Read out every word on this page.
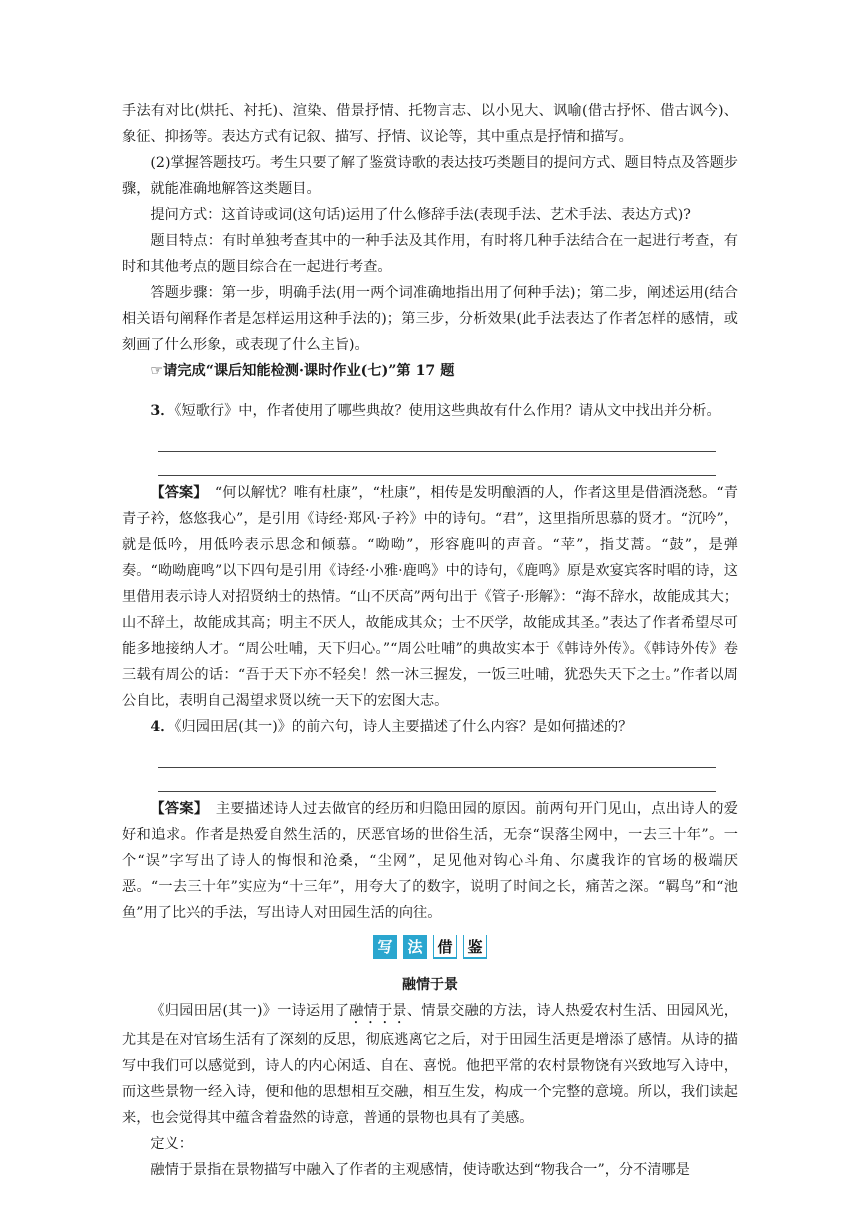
手法有对比(烘托、衬托)、渲染、借景抒情、托物言志、以小见大、讽喻(借古抒怀、借古讽今)、象征、抑扬等。表达方式有记叙、描写、抒情、议论等，其中重点是抒情和描写。

(2)掌握答题技巧。考生只要了解了鉴赏诗歌的表达技巧类题目的提问方式、题目特点及答题步骤，就能准确地解答这类题目。

提问方式：这首诗或词(这句话)运用了什么修辞手法(表现手法、艺术手法、表达方式)?

题目特点：有时单独考查其中的一种手法及其作用，有时将几种手法结合在一起进行考查，有时和其他考点的题目综合在一起进行考查。

答题步骤：第一步，明确手法(用一两个词准确地指出用了何种手法)；第二步，阐述运用(结合相关语句阐释作者是怎样运用这种手法的)；第三步，分析效果(此手法表达了作者怎样的感情，或刻画了什么形象，或表现了什么主旨)。

☞请完成“课后知能检测·课时作业(七)”第 17 题

3．《短歌行》中，作者使用了哪些典故？使用这些典故有什么作用？请从文中找出并分析。

【答案】　 “何以解忧？唯有杜康”，“杜康”，相传是发明酿酒的人，作者这里是借酒浇愁。“青青子衿，悠悠我心”，是引用《诗经·郑风·子衿》中的诗句。“君”，这里指所思慕的贤才。“沉吟”，就是低吟，用低吟表示思念和倾慕。“呦呦”，形容鹿叫的声音。“苹”，指艾蒿。“鼓”，是弹奏。“呦呦鹿鸣”以下四句是引用《诗经·小雅·鹿鸣》中的诗句，《鹿鸣》原是欢宴宾客时唱的诗，这里借用表示诗人对招贤纳士的热情。“山不厌高”两句出于《管子·形解》：“海不辞水，故能成其大；山不辞土，故能成其高；明主不厌人，故能成其众；士不厌学，故能成其圣。”表达了作者希望尽可能多地接纳人才。“周公吐哺，天下归心。”“周公吐哺”的典故实本于《韩诗外传》。《韩诗外传》卷三载有周公的话：“吾于天下亦不轻矣！然一沐三握发，一饭三吐哺，犹恐失天下之士。”作者以周公自比，表明自己渴望求贤以统一天下的宏图大志。

4．《归园田居(其一)》的前六句，诗人主要描述了什么内容？是如何描述的？

【答案】　 主要描述诗人过去做官的经历和归隐田园的原因。前两句开门见山，点出诗人的爱好和追求。作者是热爱自然生活的，厌恶官场的世俗生活，无奈“误落尘网中，一去三十年”。一个“误”字写出了诗人的悔恨和沧桑，“尘网”，足见他对钩心斗角、尔虞我诈的官场的极端厌恶。“一去三十年”实应为“十三年”，用夸大了的数字，说明了时间之长，痛苦之深。“羁鸟”和“池鱼”用了比兴的手法，写出诗人对田园生活的向往。

写 法 借 鉴

融情于景

《归园田居(其一)》一诗运用了融情于景、情景交融的方法，诗人热爱农村生活、田园风光，尤其是在对官场生活有了深刻的反思，彻底逃离它之后，对于田园生活更是增添了感情。从诗的描写中我们可以感觉到，诗人的内心闲适、自在、喜悦。他把平常的农村景物饶有兴致地写入诗中，而这些景物一经入诗，便和他的思想相互交融，相互生发，构成一个完整的意境。所以，我们读起来，也会觉得其中蕴含着盎然的诗意，普通的景物也具有了美感。

定义：

融情于景指在景物描写中融入了作者的主观感情，使诗歌达到“物我合一”，分不清哪是
